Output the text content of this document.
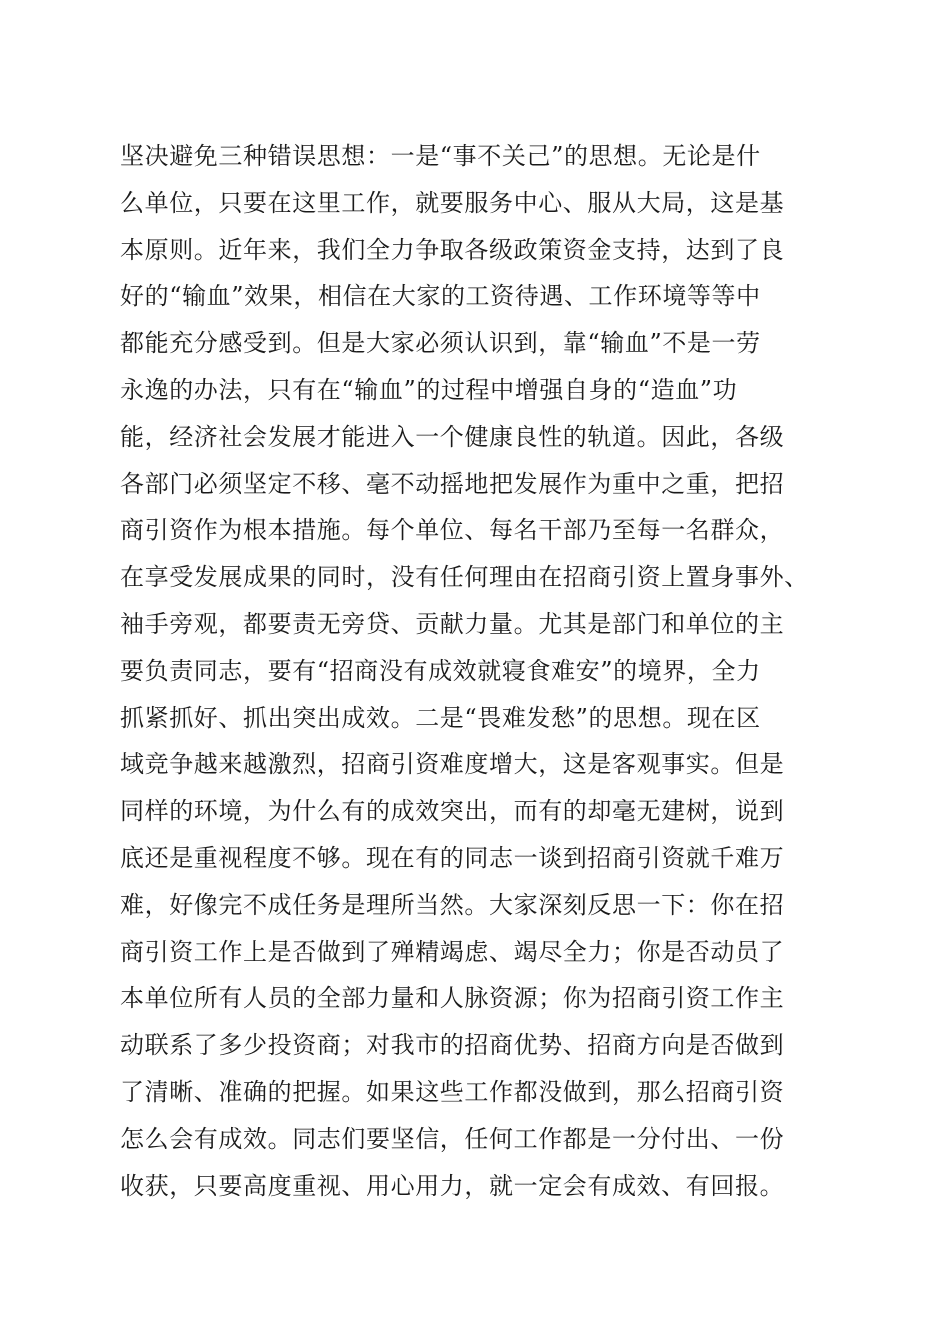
坚决避免三种错误思想：一是“事不关己”的思想。无论是什
么单位，只要在这里工作，就要服务中心、服从大局，这是基
本原则。近年来，我们全力争取各级政策资金支持，达到了良
好的“输血”效果，相信在大家的工资待遇、工作环境等等中
都能充分感受到。但是大家必须认识到，靠“输血”不是一劳
永逸的办法，只有在“输血”的过程中增强自身的“造血”功
能，经济社会发展才能进入一个健康良性的轨道。因此，各级
各部门必须坚定不移、毫不动摇地把发展作为重中之重，把招
商引资作为根本措施。每个单位、每名干部乃至每一名群众，
在享受发展成果的同时，没有任何理由在招商引资上置身事外、
袖手旁观，都要责无旁贷、贡献力量。尤其是部门和单位的主
要负责同志，要有“招商没有成效就寝食难安”的境界，全力
抓紧抓好、抓出突出成效。二是“畏难发愁”的思想。现在区
域竞争越来越激烈，招商引资难度增大，这是客观事实。但是
同样的环境，为什么有的成效突出，而有的却毫无建树，说到
底还是重视程度不够。现在有的同志一谈到招商引资就千难万
难，好像完不成任务是理所当然。大家深刻反思一下：你在招
商引资工作上是否做到了殚精竭虑、竭尽全力；你是否动员了
本单位所有人员的全部力量和人脉资源；你为招商引资工作主
动联系了多少投资商；对我市的招商优势、招商方向是否做到
了清晰、准确的把握。如果这些工作都没做到，那么招商引资
怎么会有成效。同志们要坚信，任何工作都是一分付出、一份
收获，只要高度重视、用心用力，就一定会有成效、有回报。
